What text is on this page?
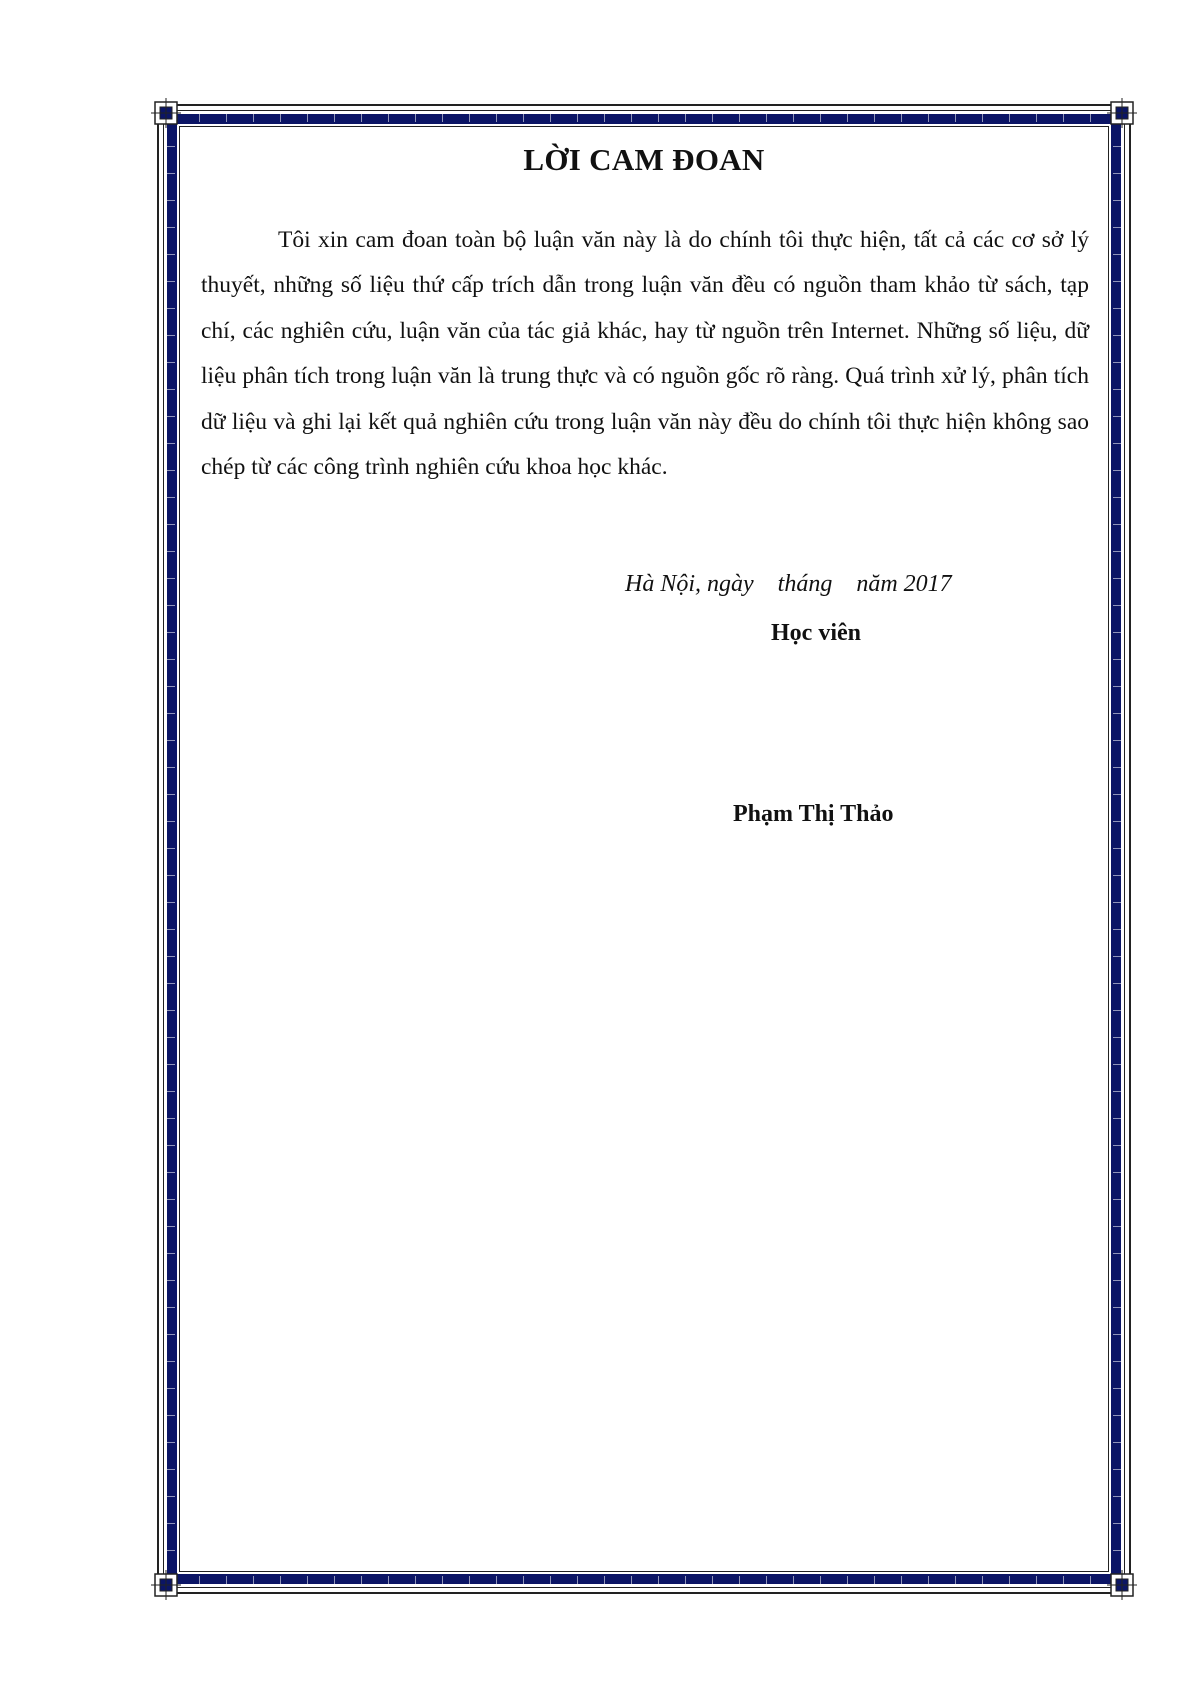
LỜI CAM ĐOAN

Tôi xin cam đoan toàn bộ luận văn này là do chính tôi thực hiện, tất cả các cơ sở lý thuyết, những số liệu thứ cấp trích dẫn trong luận văn đều có nguồn tham khảo từ sách, tạp chí, các nghiên cứu, luận văn của tác giả khác, hay từ nguồn trên Internet. Những số liệu, dữ liệu phân tích trong luận văn là trung thực và có nguồn gốc rõ ràng. Quá trình xử lý, phân tích dữ liệu và ghi lại kết quả nghiên cứu trong luận văn này đều do chính tôi thực hiện không sao chép từ các công trình nghiên cứu khoa học khác.

Hà Nội, ngày    tháng    năm 2017
Học viên
Phạm Thị Thảo
